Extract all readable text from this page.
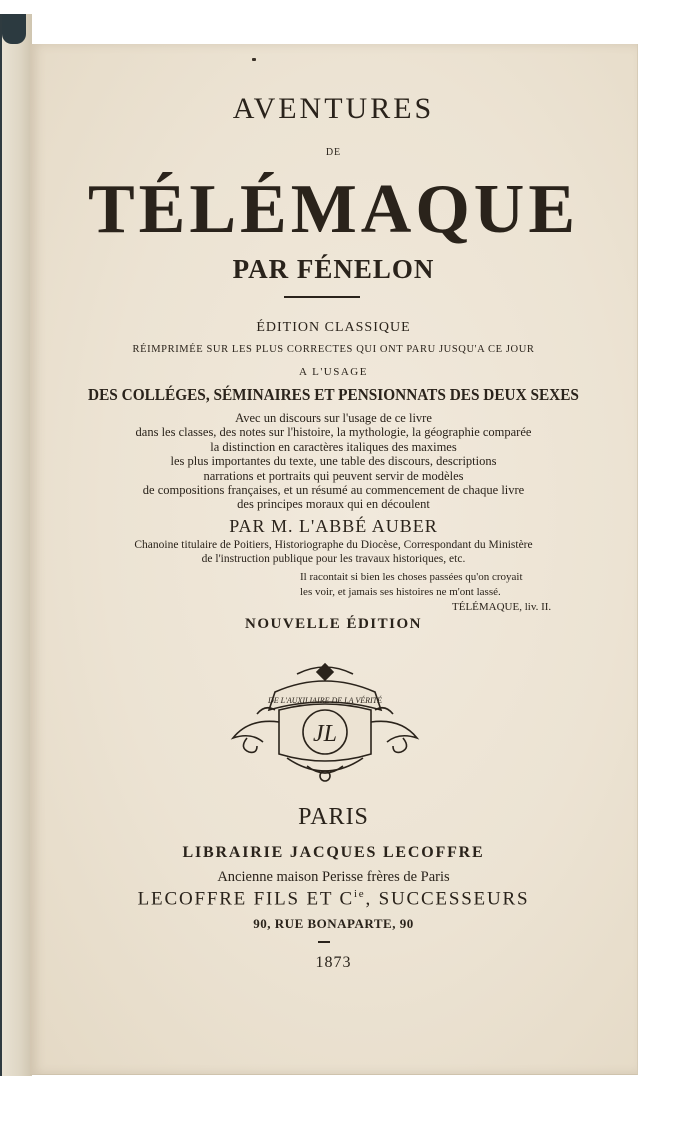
AVENTURES
DE
TÉLÉMAQUE
PAR FÉNELON
ÉDITION CLASSIQUE
RÉIMPRIMÉE SUR LES PLUS CORRECTES QUI ONT PARU JUSQU'A CE JOUR
A L'USAGE
DES COLLÉGES, SÉMINAIRES ET PENSIONNATS DES DEUX SEXES
Avec un discours sur l'usage de ce livre
dans les classes, des notes sur l'histoire, la mythologie, la géographie comparée
la distinction en caractères italiques des maximes
les plus importantes du texte, une table des discours, descriptions
narrations et portraits qui peuvent servir de modèles
de compositions françaises, et un résumé au commencement de chaque livre
des principes moraux qui en découlent
PAR M. L'ABBÉ AUBER
Chanoine titulaire de Poitiers, Historiographe du Diocèse, Correspondant du Ministère
de l'instruction publique pour les travaux historiques, etc.
Il racontait si bien les choses passées qu'on croyait
les voir, et jamais ses histoires ne m'ont lassé.
TÉLÉMAQUE, liv. II.
NOUVELLE ÉDITION
DE L'AUXILIAIRE DE LA VÉRITÉ
JL
PARIS
LIBRAIRIE JACQUES LECOFFRE
Ancienne maison Perisse frères de Paris
LECOFFRE FILS ET $C^{ie}$, SUCCESSEURS
90, RUE BONAPARTE, 90
1873
